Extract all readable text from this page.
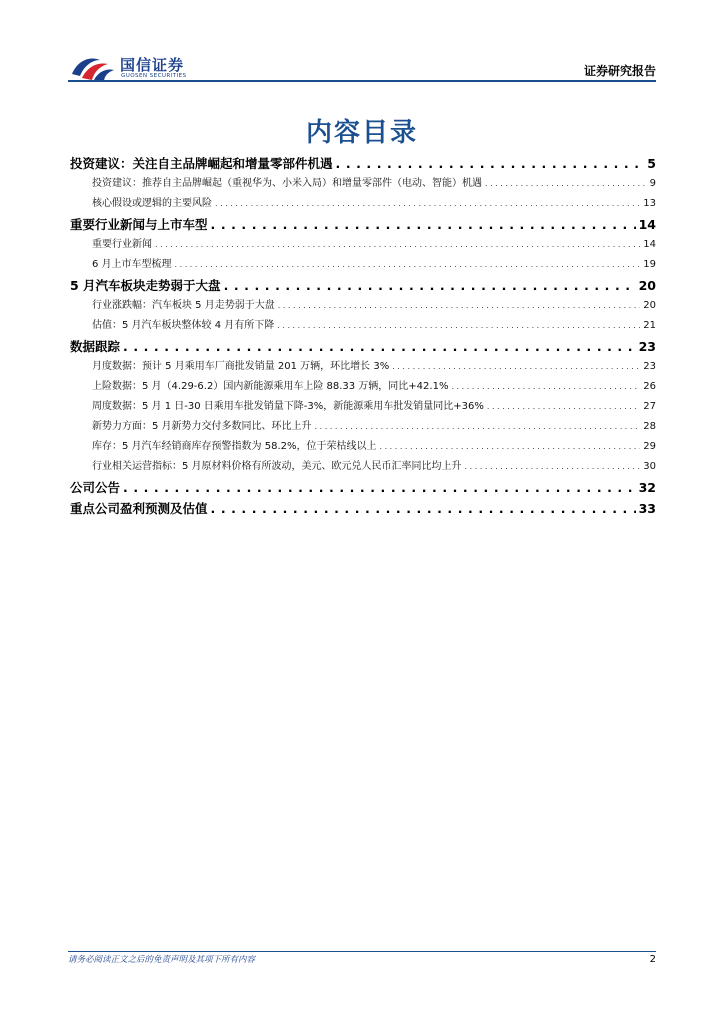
国信证券
GUOSEN SECURITIES	证券研究报告
内容目录
投资建议：关注自主品牌崛起和增量零部件机遇 . . .	5
投资建议：推荐自主品牌崛起（重视华为、小米入局）和增量零部件（电动、智能）机遇 . . .	9
核心假设或逻辑的主要风险 . . .	13
重要行业新闻与上市车型 . . .	14
重要行业新闻 . . .	14
6 月上市车型梳理 . . .	19
5 月汽车板块走势弱于大盘 . . .	20
行业涨跌幅：汽车板块 5 月走势弱于大盘 . . .	20
估值：5 月汽车板块整体较 4 月有所下降 . . .	21
数据跟踪 . . .	23
月度数据：预计 5 月乘用车厂商批发销量 201 万辆，环比增长 3% . . .	23
上险数据：5 月（4.29-6.2）国内新能源乘用车上险 88.33 万辆，同比+42.1% . . .	26
周度数据：5 月 1 日-30 日乘用车批发销量下降-3%，新能源乘用车批发销量同比+36% . . .	27
新势力方面：5 月新势力交付多数同比、环比上升 . . .	28
库存：5 月汽车经销商库存预警指数为 58.2%，位于荣枯线以上 . . .	29
行业相关运营指标：5 月原材料价格有所波动，美元、欧元兑人民币汇率同比均上升 . . .	30
公司公告 . . .	32
重点公司盈利预测及估值 . . .	33
请务必阅读正文之后的免责声明及其项下所有内容	2
